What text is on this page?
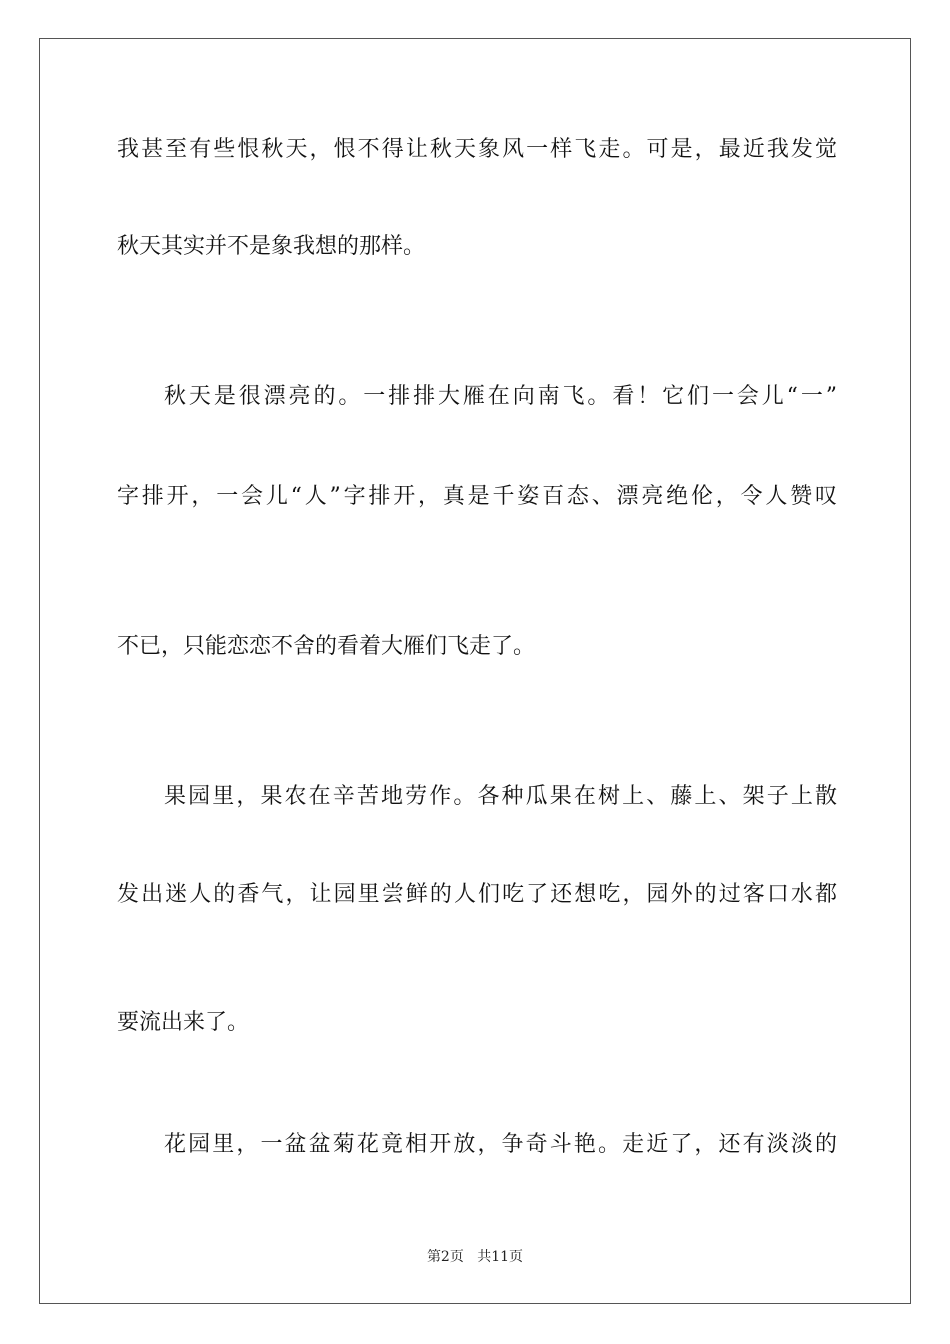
我甚至有些恨秋天，恨不得让秋天象风一样飞走。可是，最近我发觉
秋天其实并不是象我想的那样。
秋天是很漂亮的。一排排大雁在向南飞。看！它们一会儿“一”
字排开，一会儿“人”字排开，真是千姿百态、漂亮绝伦，令人赞叹
不已，只能恋恋不舍的看着大雁们飞走了。
果园里，果农在辛苦地劳作。各种瓜果在树上、藤上、架子上散
发出迷人的香气，让园里尝鲜的人们吃了还想吃，园外的过客口水都
要流出来了。
花园里，一盆盆菊花竟相开放，争奇斗艳。走近了，还有淡淡的
第2页 共11页
